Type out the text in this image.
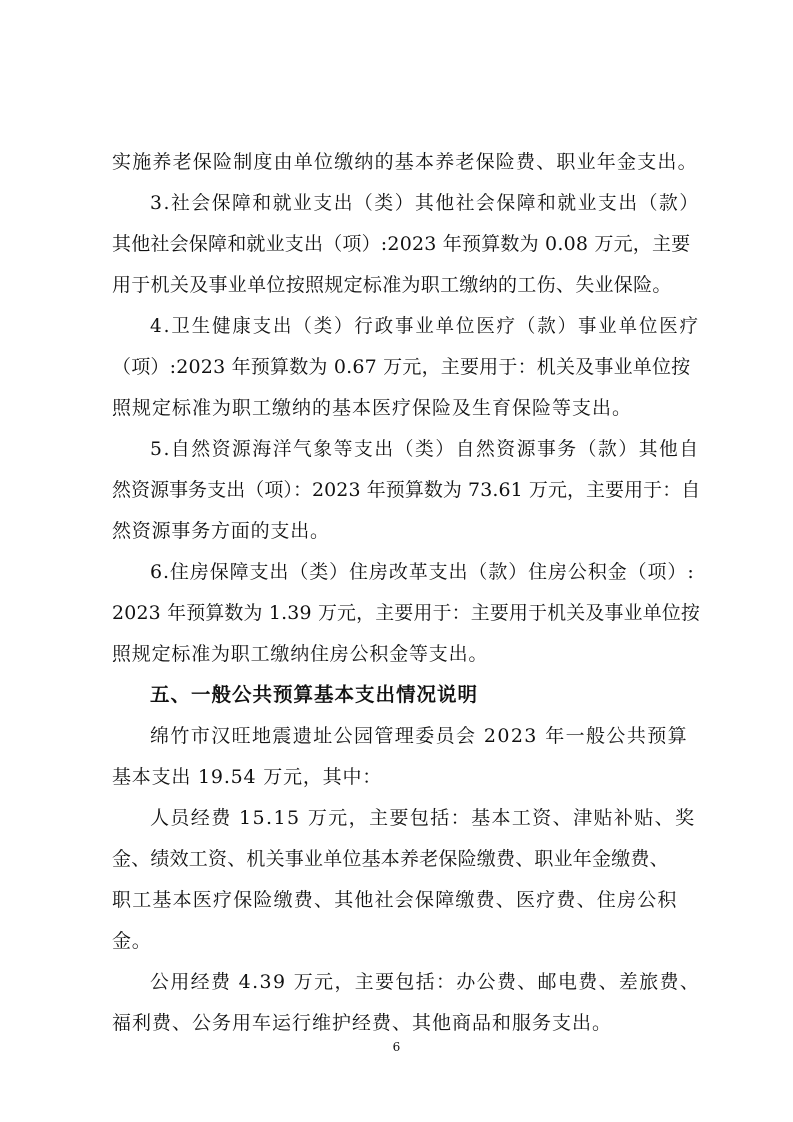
实施养老保险制度由单位缴纳的基本养老保险费、职业年金支出。
3.社会保障和就业支出（类）其他社会保障和就业支出（款）
其他社会保障和就业支出（项）:2023 年预算数为 0.08 万元，主要
用于机关及事业单位按照规定标准为职工缴纳的工伤、失业保险。
4.卫生健康支出（类）行政事业单位医疗（款）事业单位医疗
（项）:2023 年预算数为 0.67 万元，主要用于：机关及事业单位按
照规定标准为职工缴纳的基本医疗保险及生育保险等支出。
5.自然资源海洋气象等支出（类）自然资源事务（款）其他自
然资源事务支出（项）：2023 年预算数为 73.61 万元，主要用于：自
然资源事务方面的支出。
6.住房保障支出（类）住房改革支出（款）住房公积金（项）:
2023 年预算数为 1.39 万元，主要用于：主要用于机关及事业单位按
照规定标准为职工缴纳住房公积金等支出。
五、一般公共预算基本支出情况说明
绵竹市汉旺地震遗址公园管理委员会 2023 年一般公共预算
基本支出 19.54 万元，其中：
人员经费 15.15 万元，主要包括：基本工资、津贴补贴、奖
金、绩效工资、机关事业单位基本养老保险缴费、职业年金缴费、
职工基本医疗保险缴费、其他社会保障缴费、医疗费、住房公积
金。
公用经费 4.39 万元，主要包括：办公费、邮电费、差旅费、
福利费、公务用车运行维护经费、其他商品和服务支出。
6
